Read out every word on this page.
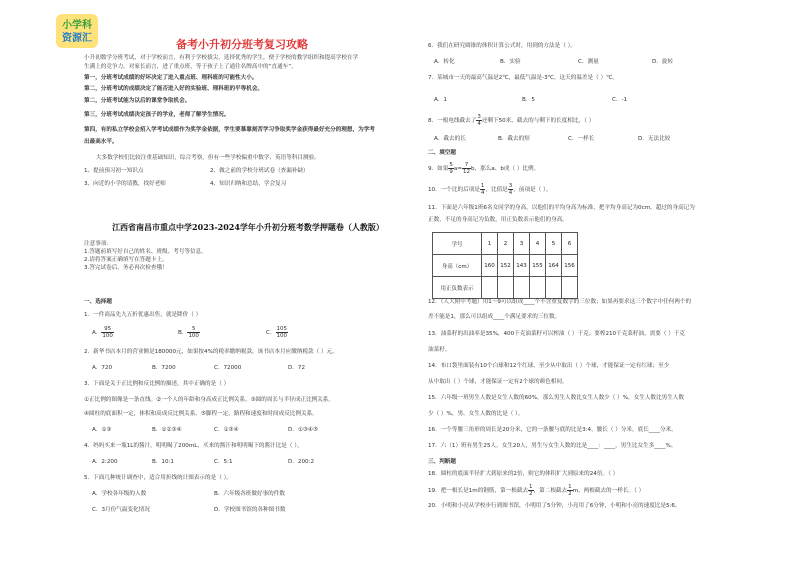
小学科
资源汇	备考小升初分班考复习攻略
小升初数学分班考试，对于学校而言，有利于学校拔尖、选择优秀的学生，便于学校的教学组织和提高学校在学
生满上的竞争力。对家长而言，进了重点班，等于孩子上了通往名牌高中的“直通车”。
第一，分班考试成绩的好坏决定了进入重点班、理科班的可能性大小。
第二，分班考试的成绩决定了能否进入好的实验班、理科班的平等机会。
第二，分班考试能为以后的课堂争取机会。
第三，分班考试成绩决定孩子的学业，老师了解学生情况。
第四，有的私立学校会招入学考试成绩作为奖学金依据，学生要慕靠刻苦学习争取奖学金获得最好充分的理想，为学考
出最高水平。
大多数学校们比较注重基础知识，综合考察，但有一些学校偏重中数学、英语等科目测验。
1、提前预习初一知识点	2、做之前的学校分班试卷（查漏补缺）
3、向近的小学的请教，找好老师	4、知识归纳和总结，学会复习
江西省南昌市重点中学2023-2024学年小升初分班考数学押题卷（人教版）
注意事项：
1.答题前填写好自己的姓名、班级、考号等信息。
2.请将答案正确填写在答题卡上。
3.答完试卷后，务必再次检查哦！
一、选择题
1．一件商品先九五折优惠出售，就是降价（ ）
A． $\frac{95}{100}$	B． $\frac{5}{100}$	C． $\frac{105}{100}$
2．新华书店本月的营业额是180000元，如果按4%的税率缴纳税款，该书店本月应缴纳税款（ ）元。
A．720	B．7200	C．72000	D．72
3．下面是关于正比例和反比例的描述，其中正确的是（ ）
①正比例的图像是一条直线。②一个人的年龄和身高成正比例关系。③圆的周长与半径成正比例关系。
④圆柱的底面积一定，体积和高成反比例关系。⑤脚程一定，路程和速度和时间成反比例关系。
A．①③	B．①②③④	C．①③④	D．①③④⑤
4．妈妈买来一瓶1L的酱汁，明明喝了200mL，买来的酱汁和明明喝下的酱汁比是（ ）。
A．2:200	B．10:1	C．5:1	D．200:2
5．下面几种统计调查中，适合用折线统计图表示的是（ ）。
A．学校各年级的人数	B．六年级各班做好事的件数
C．3月份气温变化情况	D．学校图书馆的各种图书数
6．我们在研究圆锥的体积计算公式时，用到的方法是（ ）。
A．转化	B．实验	C．测量	D．旋转
7．某城市一天的最高气温是2℃，最低气温是-3℃，这天的温差是（ ）℃。
A．1	B．5	C．-1
8．一根电线截去了 $\frac{3}{4}$ 还剩下50米，截去的与剩下的长度相比，（ ）
A．截去的长	B．截去的短	C．一样长	D．无法比较
二、填空题
9．如果 $\frac{5}{9} a= \frac{7}{12}$ b，那么a、b成（ ）比例。
10．一个比的后项是 $\frac{1}{4}$ ，比值是 $\frac{3}{4}$ ，前项是（ ）。
11．下面是六年级1班6名女同学的身高，以他们的平均身高为标准，把平均身高记为0cm，超过的身高记为
正数，不足的身高记为负数，用正负数表示他们的身高。
学号	1	2	3	4	5	6
身高（cm）	160	152	143	155	164	156
用正负数表示						
12．（人大附中考题）用1～9可以组成____个不含重复数字的三位数；如果再要求这三个数字中任何两个的
差不能是1，那么可以组成____个满足要求的三位数。
13．油菜籽的出油率是35%，400千克油菜籽可以榨油（ ）千克；要榨210千克菜籽油，需要（ ）千克
油菜籽。
14．布口袋里面装有10个白球和12个红球，至少从中取出（ ）个球，才能保证一定有红球；至少
从中取出（ ）个球，才能保证一定有2个球的颜色相同。
15．六年级一班男生人数是女生人数的60%，那么男生人数比女生人数少（ ）%，女生人数比男生人数
少（ ）%，男、女生人数的比是（ ）。
16．一个等腰三角形的周长是20分米，它的一条腰与底的比是3:4，腰长（ ）分米，底长____分米。
17．六（1）班有男生25人，女生20人，男生与女生人数的比是____：____，男生比女生多____%。
三、判断题
18．圆柱的底面半径扩大到原来的2倍，则它的体积扩大到原来的24倍。（ ）
19．把一根长是1m的钢筋，第一根截去 $\frac{1}{2}$ ，第二根截去 $\frac{1}{2}$ m，两根截去的一样长。（ ）
20．小明和小亮从学校步行到图书馆，小明用了5分钟，小亮用了6分钟，小明和小亮的速度比是5:6。
